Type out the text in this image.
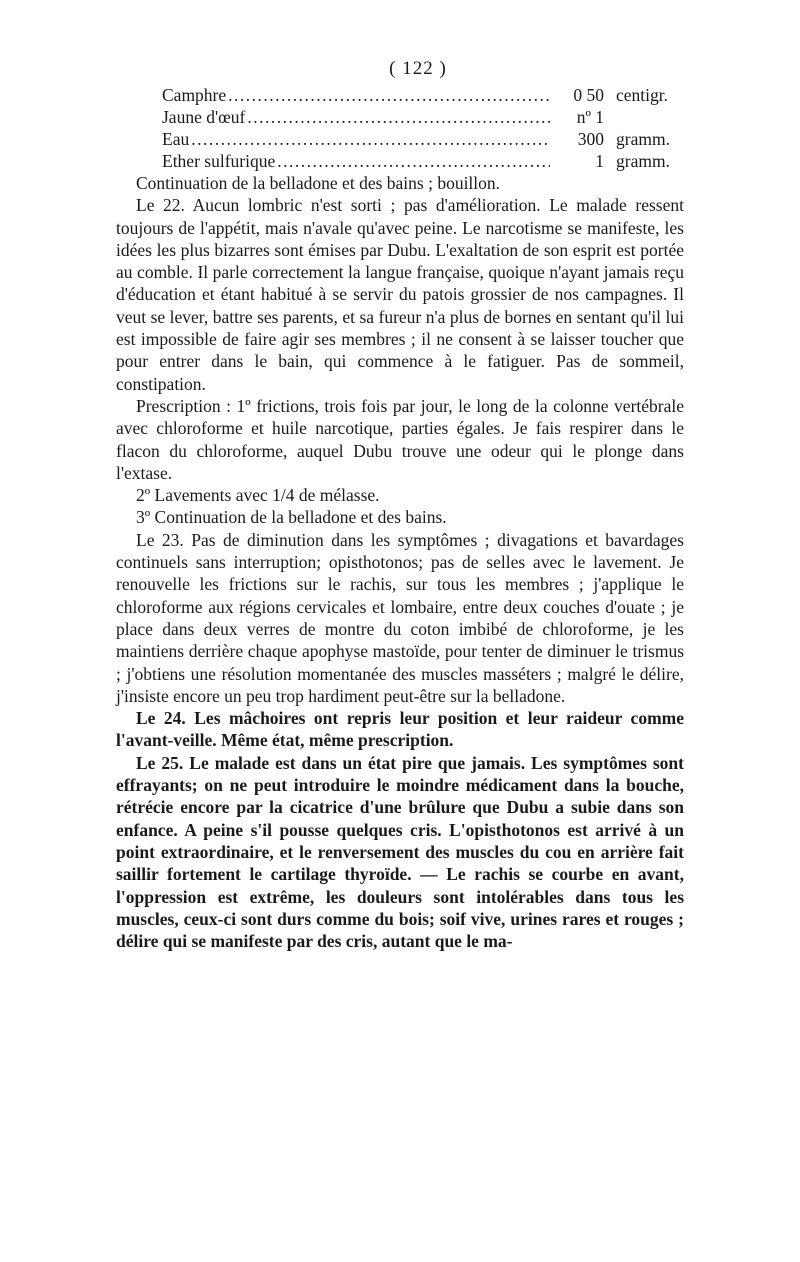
( 122 )
Camphre .....	0 50 centigr.
Jaune d'œuf .....	nº 1
Eau .....	300 gramm.
Ether sulfurique .....	1 gramm.

Continuation de la belladone et des bains ; bouillon.

Le 22. Aucun lombric n'est sorti ; pas d'amélioration. Le malade ressent toujours de l'appétit, mais n'avale qu'avec peine. Le narcotisme se manifeste, les idées les plus bizarres sont émises par Dubu. L'exaltation de son esprit est portée au comble. Il parle correctement la langue française, quoique n'ayant jamais reçu d'éducation et étant habitué à se servir du patois grossier de nos campagnes. Il veut se lever, battre ses parents, et sa fureur n'a plus de bornes en sentant qu'il lui est impossible de faire agir ses membres ; il ne consent à se laisser toucher que pour entrer dans le bain, qui commence à le fatiguer. Pas de sommeil, constipation.

Prescription : 1º frictions, trois fois par jour, le long de la colonne vertébrale avec chloroforme et huile narcotique, parties égales. Je fais respirer dans le flacon du chloroforme, auquel Dubu trouve une odeur qui le plonge dans l'extase.

2º Lavements avec 1/4 de mélasse.

3º Continuation de la belladone et des bains.

Le 23. Pas de diminution dans les symptômes ; divagations et bavardages continuels sans interruption; opisthotonos; pas de selles avec le lavement. Je renouvelle les frictions sur le rachis, sur tous les membres ; j'applique le chloroforme aux régions cervicales et lombaire, entre deux couches d'ouate ; je place dans deux verres de montre du coton imbibé de chloroforme, je les maintiens derrière chaque apophyse mastoïde, pour tenter de diminuer le trismus ; j'obtiens une résolution momentanée des muscles masséters ; malgré le délire, j'insiste encore un peu trop hardiment peut-être sur la belladone.

Le 24. Les mâchoires ont repris leur position et leur raideur comme l'avant-veille. Même état, même prescription.

Le 25. Le malade est dans un état pire que jamais. Les symptômes sont effrayants; on ne peut introduire le moindre médicament dans la bouche, rétrécie encore par la cicatrice d'une brûlure que Dubu a subie dans son enfance. A peine s'il pousse quelques cris. L'opisthotonos est arrivé à un point extraordinaire, et le renversement des muscles du cou en arrière fait saillir fortement le cartilage thyroïde. — Le rachis se courbe en avant, l'oppression est extrême, les douleurs sont intolérables dans tous les muscles, ceux-ci sont durs comme du bois; soif vive, urines rares et rouges ; délire qui se manifeste par des cris, autant que le ma-
